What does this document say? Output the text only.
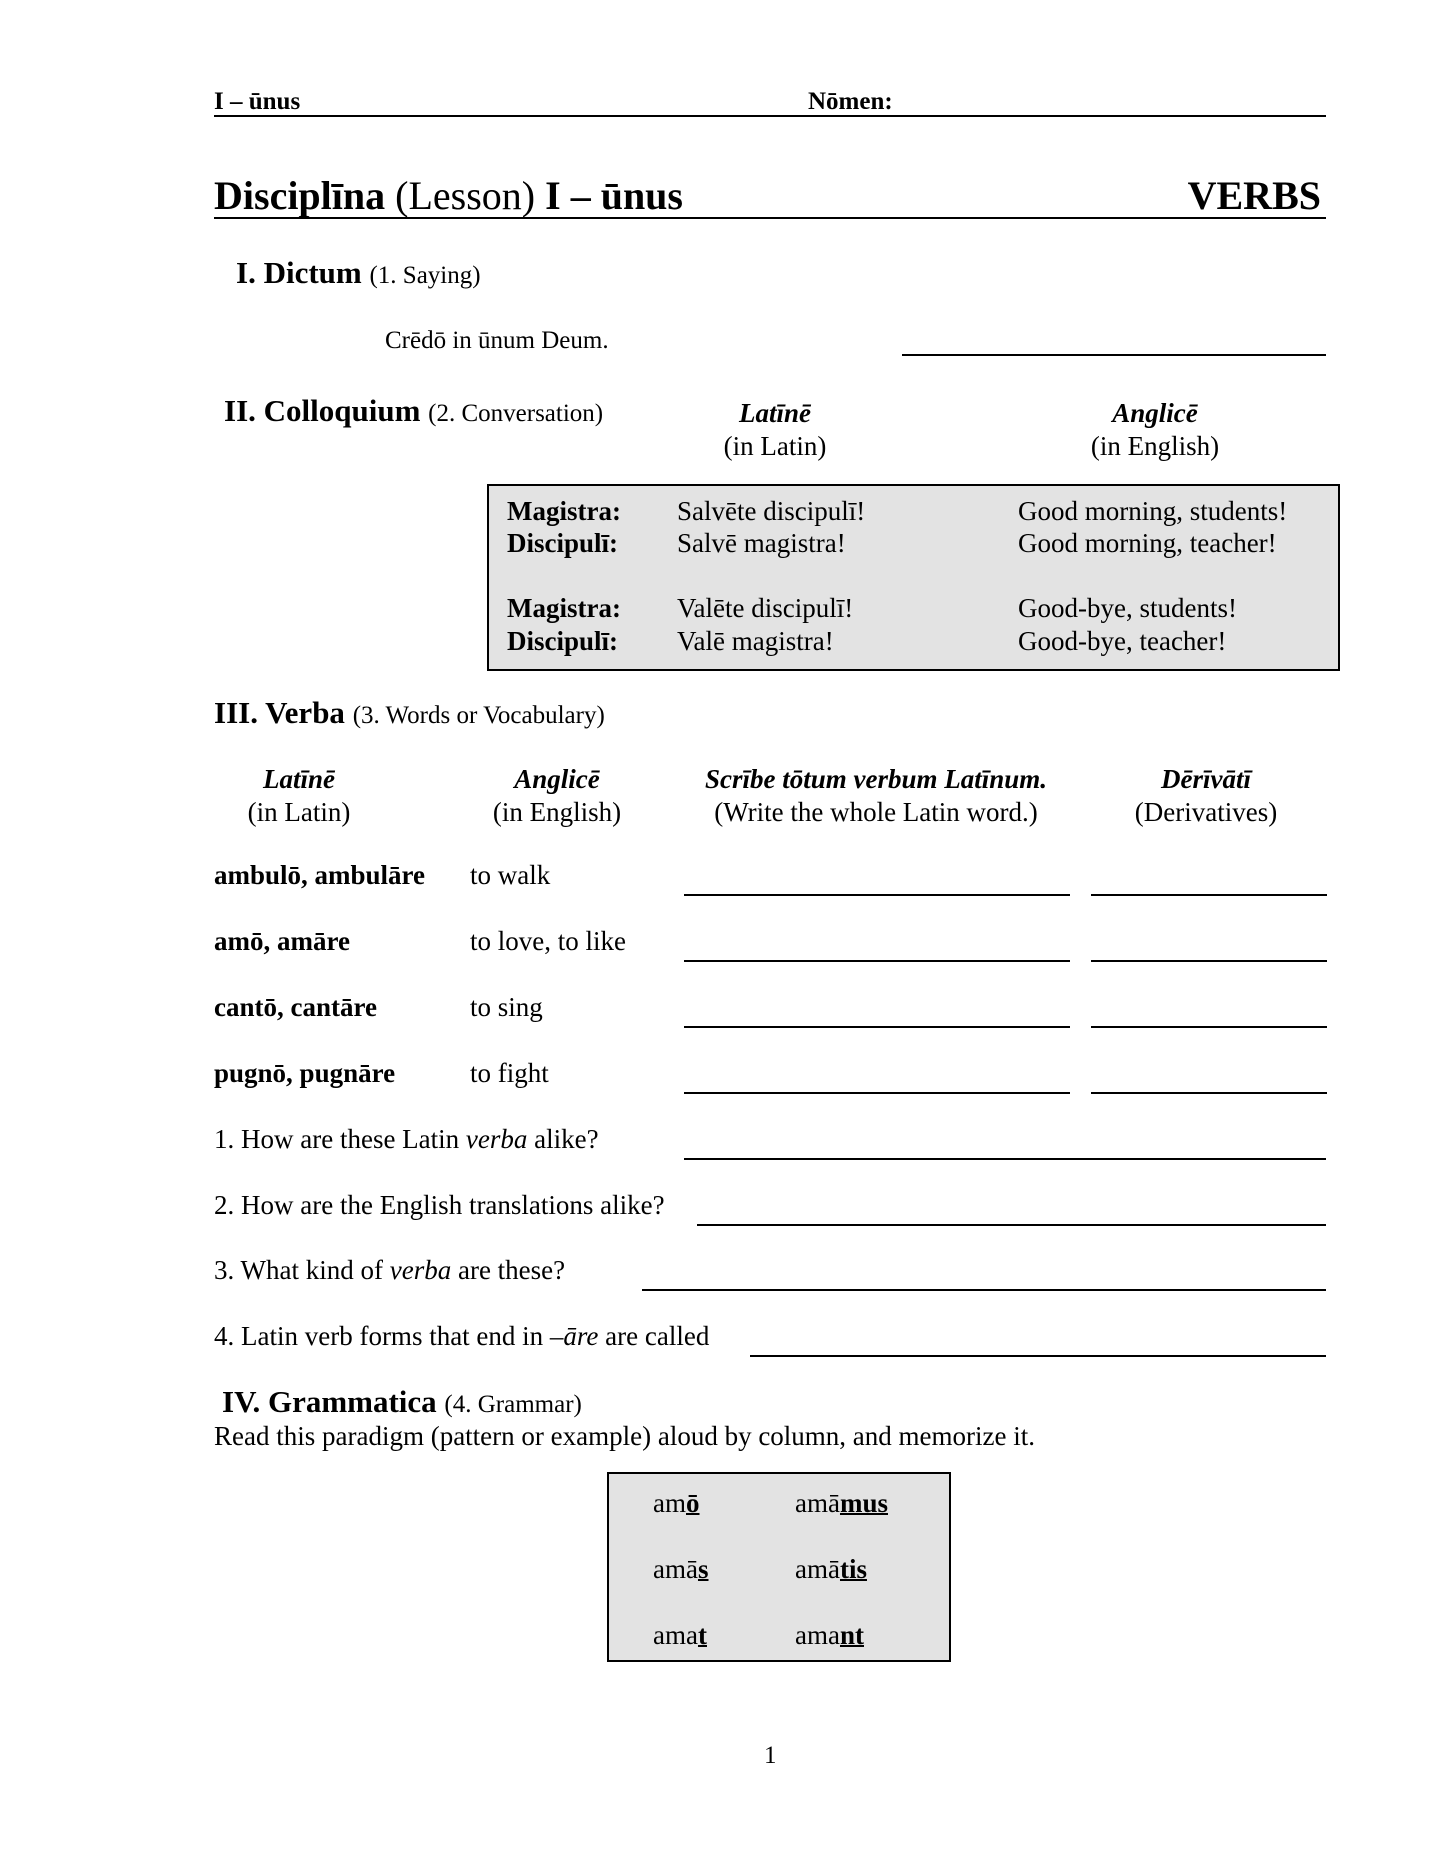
I – ūnus	Nōmen:
Disciplīna (Lesson) I – ūnus	VERBS
I. Dictum (1. Saying)
Crēdō in ūnum Deum.
II. Colloquium (2. Conversation)	Latīnē
(in Latin)
Anglicē
(in English)
Magistra: Salvēte discipulī!	Good morning, students!
Discipulī: Salvē magistra!	Good morning, teacher!
Magistra: Valēte discipulī!	Good-bye, students!
Discipulī: Valē magistra!	Good-bye, teacher!
III. Verba (3. Words or Vocabulary)
Latīnē
(in Latin)
Anglicē
(in English)
Scrībe tōtum verbum Latīnum.
(Write the whole Latin word.)
Dērīvātī
(Derivatives)
ambulō, ambulāre to walk
amō, amāre	to love, to like
cantō, cantāre	to sing
pugnō, pugnāre	to fight
1. How are these Latin verba alike?
2. How are the English translations alike?
3. What kind of verba are these?
4. Latin verb forms that end in –āre are called
IV. Grammatica (4. Grammar)
Read this paradigm (pattern or example) aloud by column, and memorize it.
amō	amāmus
amās	amātis
amat	amant
1
